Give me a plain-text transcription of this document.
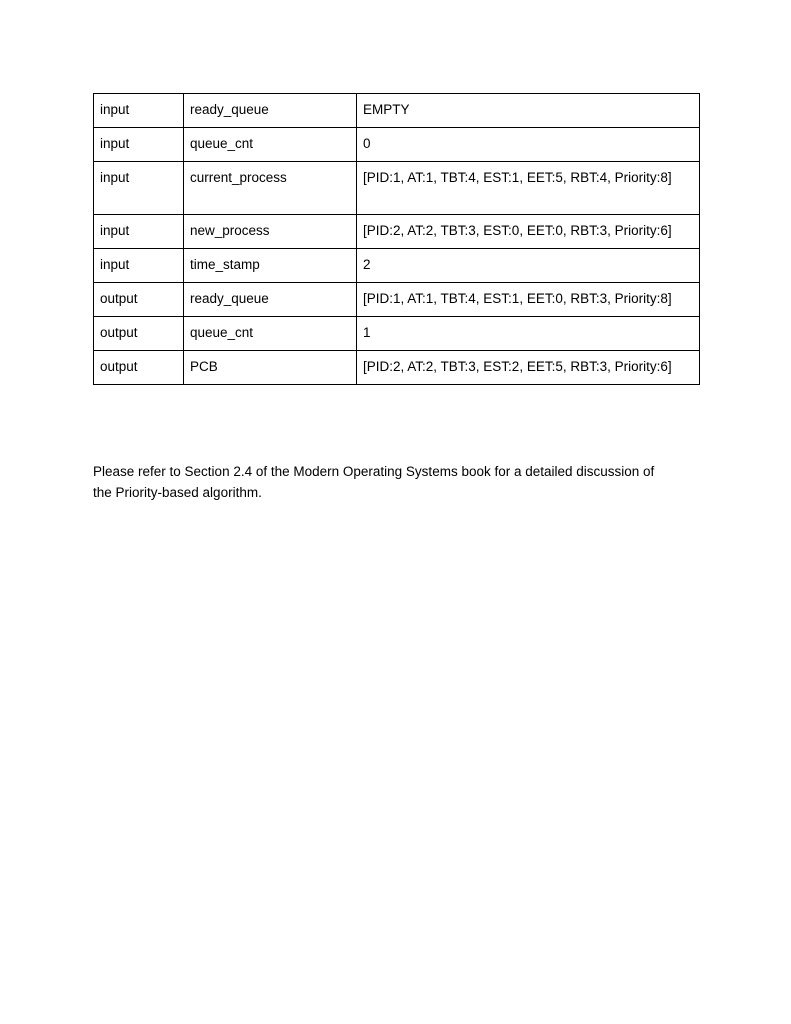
input	ready_queue	EMPTY
input	queue_cnt	0
input	current_process	[PID:1, AT:1, TBT:4, EST:1, EET:5, RBT:4, Priority:8]
input	new_process	[PID:2, AT:2, TBT:3, EST:0, EET:0, RBT:3, Priority:6]
input	time_stamp	2
output	ready_queue	[PID:1, AT:1, TBT:4, EST:1, EET:0, RBT:3, Priority:8]
output	queue_cnt	1
output	PCB	[PID:2, AT:2, TBT:3, EST:2, EET:5, RBT:3, Priority:6]
Please refer to Section 2.4 of the Modern Operating Systems book for a detailed discussion of
the Priority-based algorithm.
